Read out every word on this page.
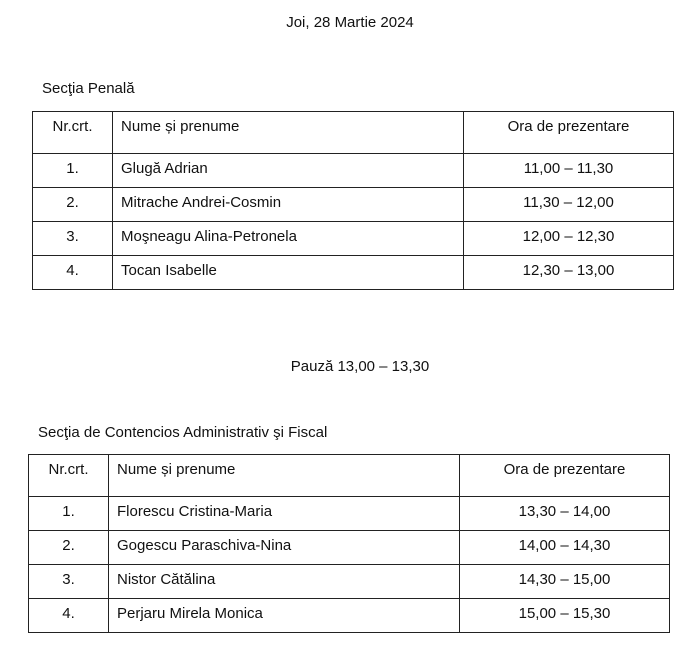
Joi, 28 Martie 2024
Secţia Penală
Nr.crt.	Nume și prenume	Ora de prezentare
1.	Glugă Adrian	11,00 – 11,30
2.	Mitrache Andrei-Cosmin	11,30 – 12,00
3.	Moşneagu Alina-Petronela	12,00 – 12,30
4.	Tocan Isabelle	12,30 – 13,00
Pauză 13,00 – 13,30
Secţia de Contencios Administrativ şi Fiscal
Nr.crt.	Nume și prenume	Ora de prezentare
1.	Florescu Cristina-Maria	13,30 – 14,00
2.	Gogescu Paraschiva-Nina	14,00 – 14,30
3.	Nistor Cătălina	14,30 – 15,00
4.	Perjaru Mirela Monica	15,00 – 15,30
